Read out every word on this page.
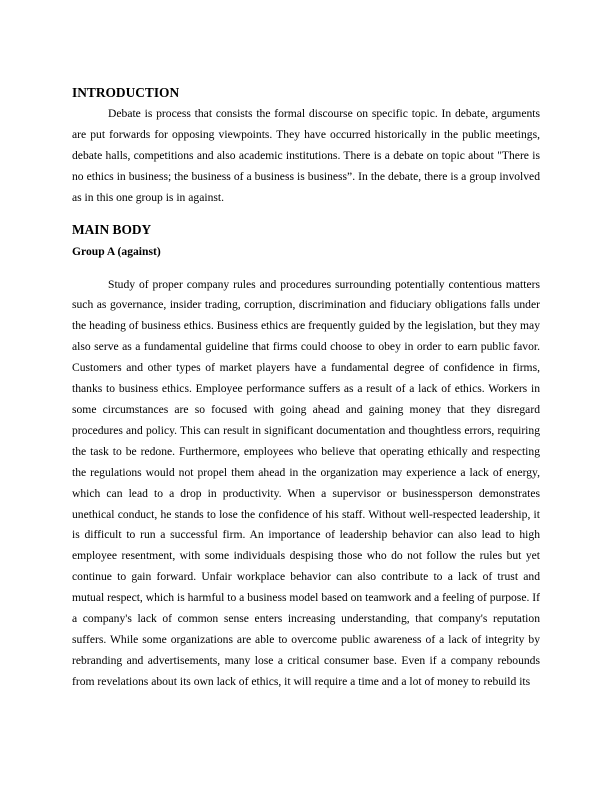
INTRODUCTION

Debate is process that consists the formal discourse on specific topic. In debate, arguments are put forwards for opposing viewpoints. They have occurred historically in the public meetings, debate halls, competitions and also academic institutions. There is a debate on topic about "There is no ethics in business; the business of a business is business”. In the debate, there is a group involved as in this one group is in against.

MAIN BODY
Group A (against)

Study of proper company rules and procedures surrounding potentially contentious matters such as governance, insider trading, corruption, discrimination and fiduciary obligations falls under the heading of business ethics. Business ethics are frequently guided by the legislation, but they may also serve as a fundamental guideline that firms could choose to obey in order to earn public favor. Customers and other types of market players have a fundamental degree of confidence in firms, thanks to business ethics. Employee performance suffers as a result of a lack of ethics. Workers in some circumstances are so focused with going ahead and gaining money that they disregard procedures and policy. This can result in significant documentation and thoughtless errors, requiring the task to be redone. Furthermore, employees who believe that operating ethically and respecting the regulations would not propel them ahead in the organization may experience a lack of energy, which can lead to a drop in productivity. When a supervisor or businessperson demonstrates unethical conduct, he stands to lose the confidence of his staff. Without well-respected leadership, it is difficult to run a successful firm. An importance of leadership behavior can also lead to high employee resentment, with some individuals despising those who do not follow the rules but yet continue to gain forward. Unfair workplace behavior can also contribute to a lack of trust and mutual respect, which is harmful to a business model based on teamwork and a feeling of purpose. If a company's lack of common sense enters increasing understanding, that company's reputation suffers. While some organizations are able to overcome public awareness of a lack of integrity by rebranding and advertisements, many lose a critical consumer base. Even if a company rebounds from revelations about its own lack of ethics, it will require a time and a lot of money to rebuild its
